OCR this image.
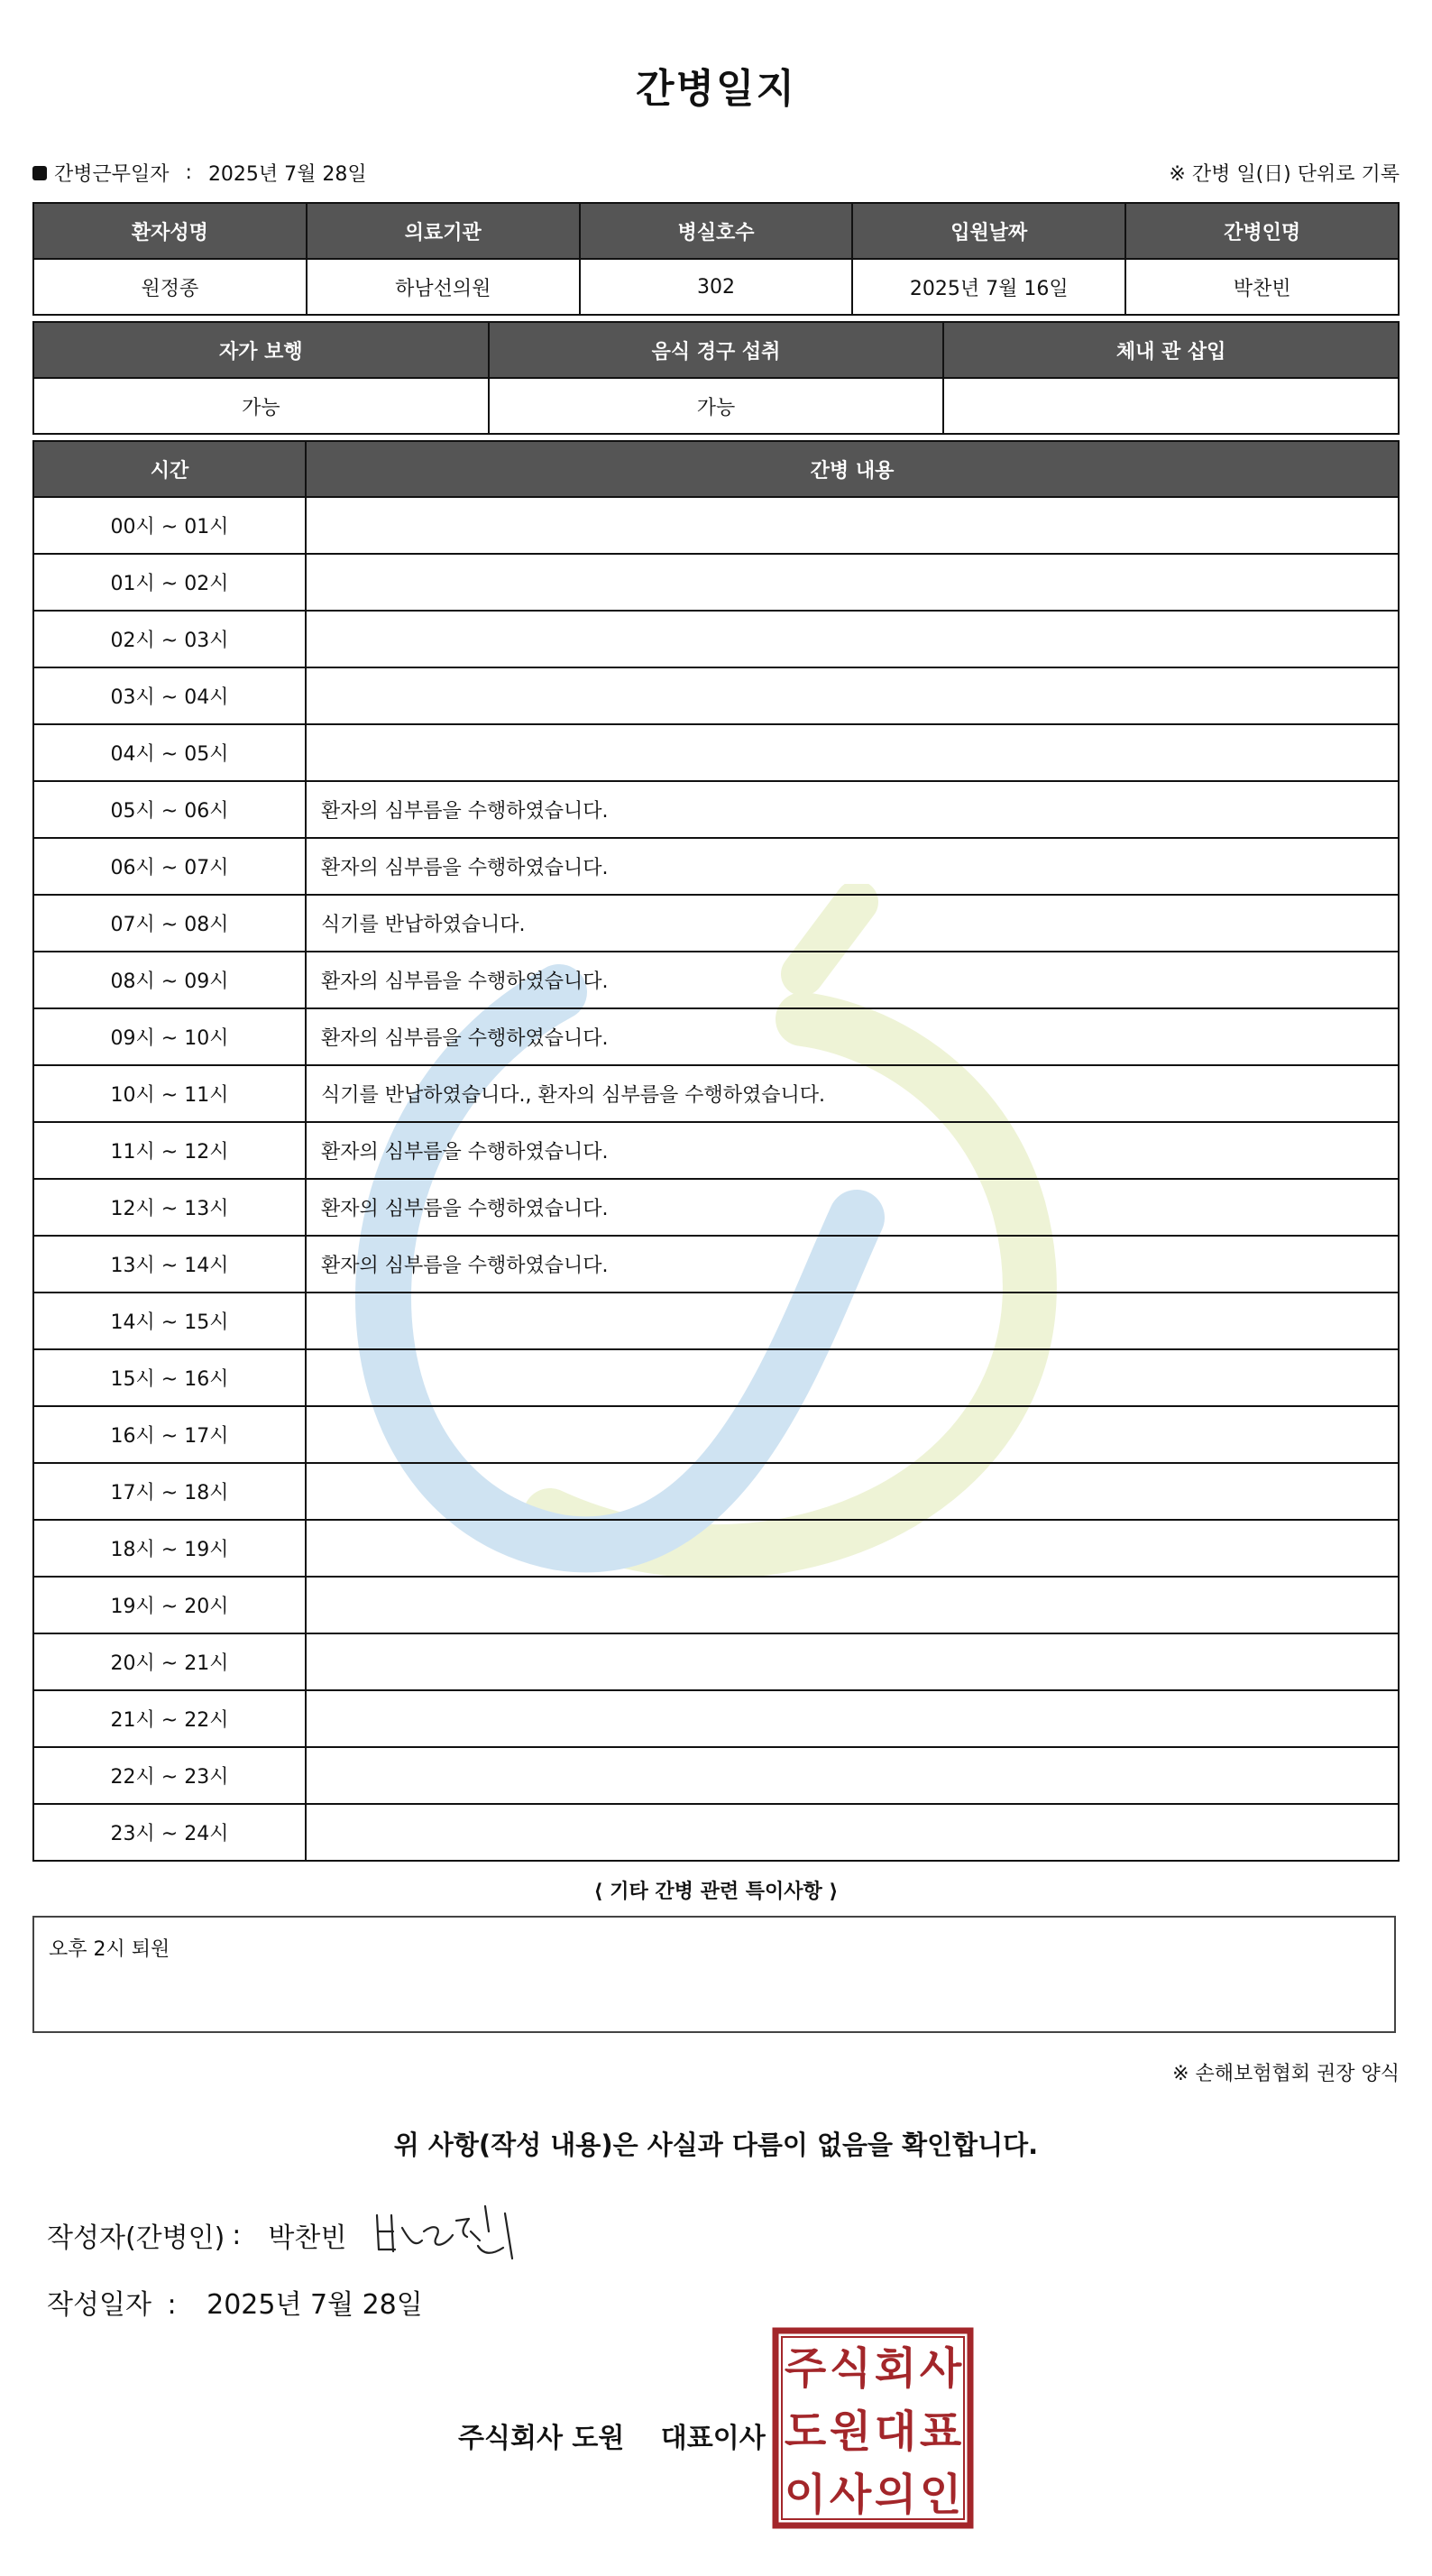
간병일지
간병근무일자 : 2025년 7월 28일	※ 간병 일(日) 단위로 기록
환자성명	의료기관	병실호수	입원날짜	간병인명
원정종	하남선의원	302	2025년 7월 16일	박찬빈
자가 보행	음식 경구 섭취	체내 관 삽입
가능	가능	
시간	간병 내용
00시 ~ 01시	
01시 ~ 02시	
02시 ~ 03시	
03시 ~ 04시	
04시 ~ 05시	
05시 ~ 06시	환자의 심부름을 수행하였습니다.
06시 ~ 07시	환자의 심부름을 수행하였습니다.
07시 ~ 08시	식기를 반납하였습니다.
08시 ~ 09시	환자의 심부름을 수행하였습니다.
09시 ~ 10시	환자의 심부름을 수행하였습니다.
10시 ~ 11시	식기를 반납하였습니다., 환자의 심부름을 수행하였습니다.
11시 ~ 12시	환자의 심부름을 수행하였습니다.
12시 ~ 13시	환자의 심부름을 수행하였습니다.
13시 ~ 14시	환자의 심부름을 수행하였습니다.
14시 ~ 15시	
15시 ~ 16시	
16시 ~ 17시	
17시 ~ 18시	
18시 ~ 19시	
19시 ~ 20시	
20시 ~ 21시	
21시 ~ 22시	
22시 ~ 23시	
23시 ~ 24시	
⟨ 기타 간병 관련 특이사항 ⟩
오후 2시 퇴원
※ 손해보험협회 권장 양식
위 사항(작성 내용)은 사실과 다름이 없음을 확인합니다.
작성자(간병인) : 박찬빈
작성일자 : 2025년 7월 28일
주식회사 도원 대표이사
주 식 회 사
도 원 대 표
이 사 의 인
